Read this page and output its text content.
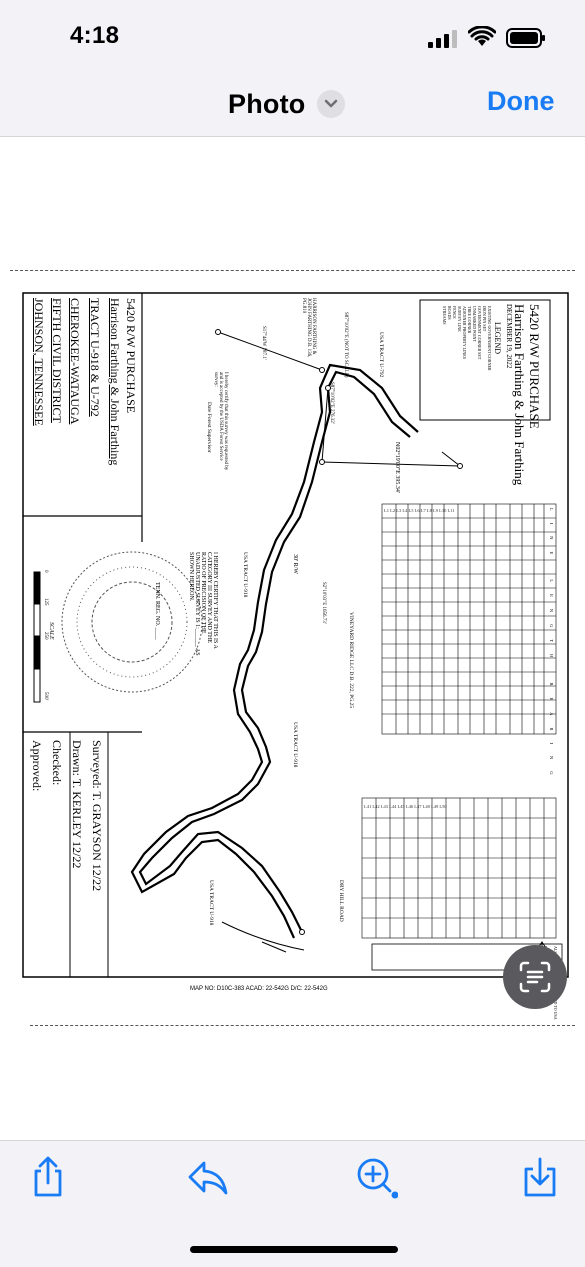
4:18
Photo	Done
L1 L2 L3 L4 L5 L6 L7 L8 L9 L10 L11
L41 L42 L43 L44 L45 L46 L47 L48 L49 L50
5420 R/W PURCHASE
Harrison Farthing & John Farthing
DECEMBER 19, 2022
LEGEND
EXISTING GOVERNMENT CORNER
IRON PIN SET
GOVERNMENT CORNER SET
UNMARKED POINT
TREE CORNER
ADJOINER PROPERTY LINES
SURVEY LINE
FENCE
ROADS
STREAMS
USA TRACT U-792
USA TRACT U-918
USA TRACT U-918
USA TRACT U-918
HARRISON FARTHING & JOHN FARTHING D.B. 136, PG.810
VINEYARD RIDGE LLC D.B. 222, PG.25
30' R/W
DRY HILL ROAD
N02°19'00"E 395.34'
S17°44'W 187.1'
S87°10'02"E 276.32'
S87°10'02"E (NOT TO SCALE)
S2°10'03"E 1656.73'
I hereby certify that this survey was requested by and is accepted by the USDA Forest Service survey:
Date Forest Supervisor
I HEREBY CERTIFY THAT THIS IS A CATEGORY III SURVEY AND THE RATIO OF PRECISION OF THE UNADJUSTED SURVEY IS 1:______ AS SHOWN HEREON.
TENN. REG. NO. ____
5420 R/W PURCHASE
Harrison Farthing & John Farthing
TRACT U-918 & U-792
CHEROKEE-WATAUGA
FIFTH CIVIL DISTRICT
JOHNSON, TENNESSEE
Surveyed: T. GRAYSON 12/22
Drawn: T. KERLEY 12/22
Checked:
Approved:
SCALE
0
125
250
500'
MAP NO: D10C-383 ACAD: 22-542G D/C: 22-542G
LINE LENGTH BEARING
